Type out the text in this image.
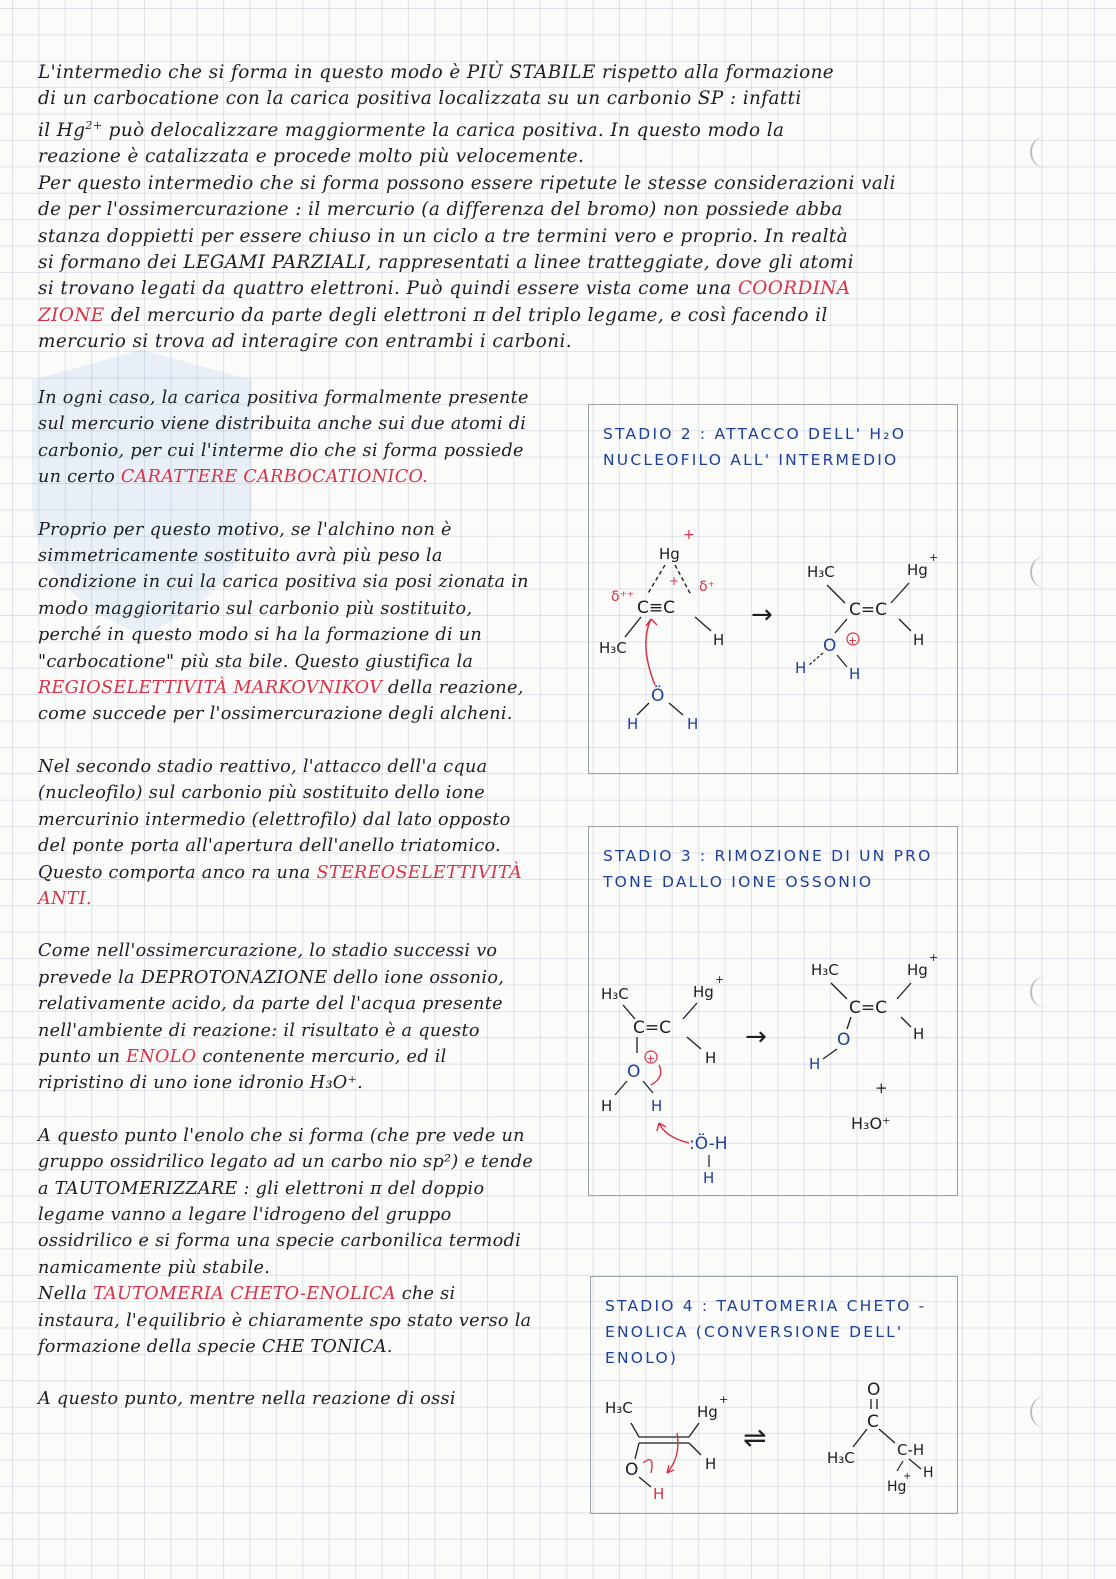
L'intermedio che si forma in questo modo è PIÙ STABILE rispetto alla formazione

di un carbocatione con la carica positiva localizzata su un carbonio SP : infatti

il $Hg^{2+}$ può delocalizzare maggiormente la carica positiva. In questo modo la

reazione è catalizzata e procede molto più velocemente.

Per questo intermedio che si forma possono essere ripetute le stesse considerazioni vali

de per l'ossimercurazione : il mercurio (a differenza del bromo) non possiede abba

stanza doppietti per essere chiuso in un ciclo a tre termini vero e proprio. In realtà

si formano dei LEGAMI PARZIALI, rappresentati a linee tratteggiate, dove gli atomi

si trovano legati da quattro elettroni. Può quindi essere vista come una COORDINA

ZIONE del mercurio da parte degli elettroni π del triplo legame, e così facendo il

mercurio si trova ad interagire con entrambi i carboni.

In ogni caso, la carica positiva formalmente presente sul mercurio viene distribuita anche sui due atomi di carbonio, per cui l'interme dio che si forma possiede un certo CARATTERE CARBOCATIONICO.

Proprio per questo motivo, se l'alchino non è simmetricamente sostituito avrà più peso la condizione in cui la carica positiva sia posi zionata in modo maggioritario sul carbonio più sostituito, perché in questo modo si ha la formazione di un "carbocatione" più sta bile. Questo giustifica la REGIOSELETTIVITÀ MARKOVNIKOV della reazione, come succede per l'ossimercurazione degli alcheni.

Nel secondo stadio reattivo, l'attacco dell'a cqua (nucleofilo) sul carbonio più sostituito dello ione mercurinio intermedio (elettrofilo) dal lato opposto del ponte porta all'apertura dell'anello triatomico. Questo comporta anco ra una STEREOSELETTIVITÀ ANTI.

Come nell'ossimercurazione, lo stadio successi vo prevede la DEPROTONAZIONE dello ione ossonio, relativamente acido, da parte del l'acqua presente nell'ambiente di reazione: il risultato è a questo punto un ENOLO contenente mercurio, ed il ripristino di uno ione idronio H₃O⁺.

A questo punto l'enolo che si forma (che pre vede un gruppo ossidrilico legato ad un carbo nio sp²) e tende a TAUTOMERIZZARE : gli elettroni π del doppio legame vanno a legare l'idrogeno del gruppo ossidrilico e si forma una specie carbonilica termodi namicamente più stabile.

Nella TAUTOMERIA CHETO-ENOLICA che si instaura, l'equilibrio è chiaramente spo stato verso la formazione della specie CHE TONICA.

A questo punto, mentre nella reazione di ossi

STADIO 2 : ATTACCO DELL' H₂O NUCLEOFILO ALL' INTERMEDIO
Hg
+
+
δ⁺⁺
δ⁺
C≡C
H₃C	H
Ö
H	H
→
H₃C	Hg
+
C=C
H
O +
H	H
STADIO 3 : RIMOZIONE DI UN PRO TONE DALLO IONE OSSONIO
H₃C	Hg
+
C=C
H
O
+
H	H
:Ö-H
H
→
H₃C	Hg
+
C=C
H
O
H
+
H₃O⁺
STADIO 4 : TAUTOMERIA CHETO - ENOLICA (CONVERSIONE DELL' ENOLO)
H₃C	Hg
+
H
O
H
⇌
O
C
H₃C	C-H
H
Hg
+
